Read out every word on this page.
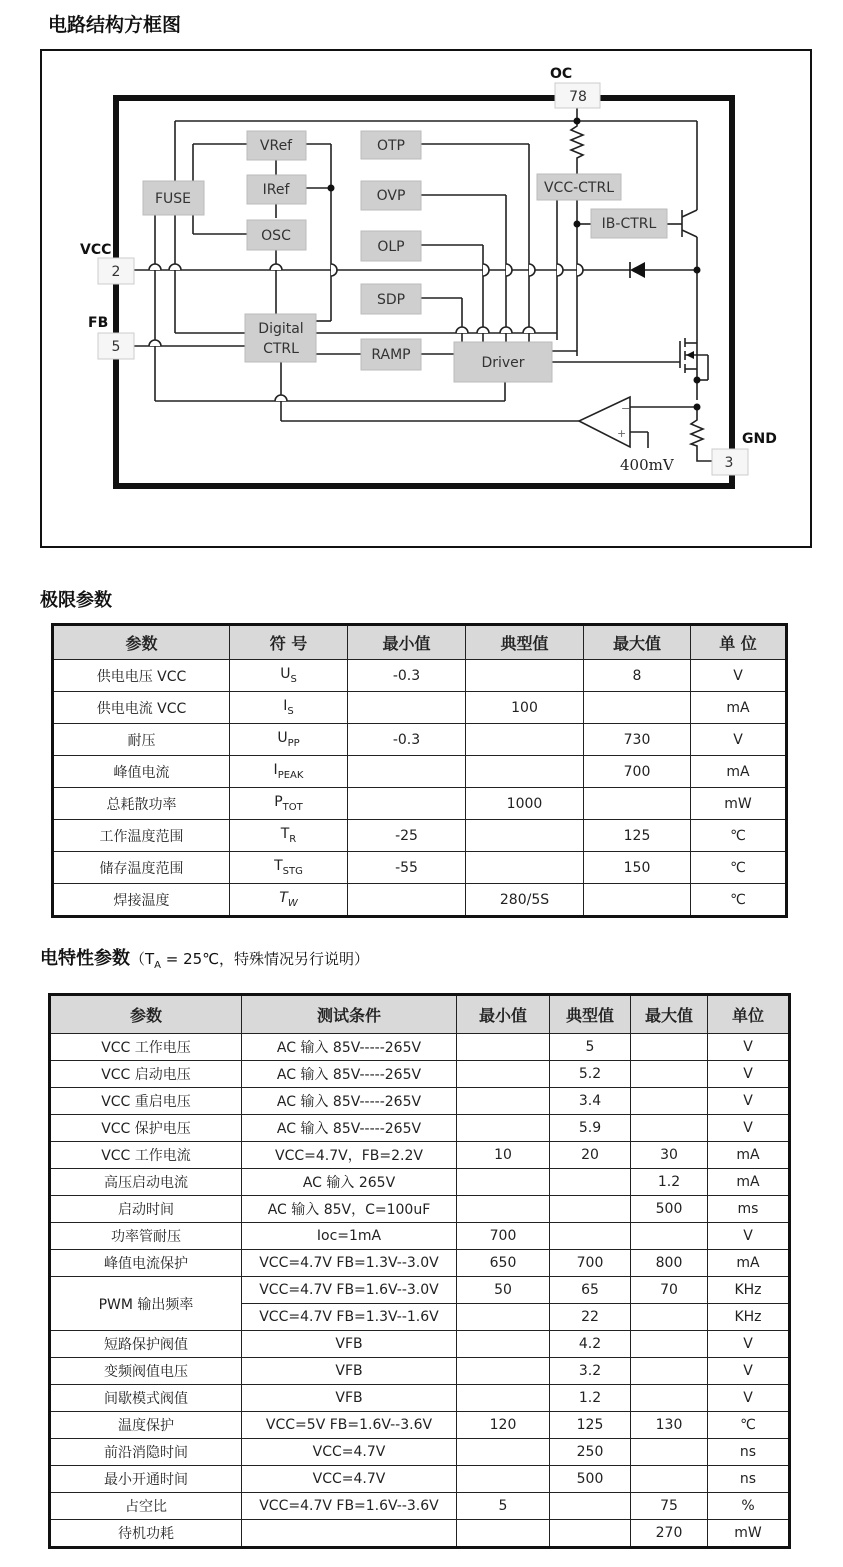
电路结构方框图
−
+
400mV
FUSE
VRef
IRef
OSC
OTP
OVP
OLP
SDP
Digital
CTRL	RAMP	Driver
VCC-CTRL
IB-CTRL
VCC
2
FB
5
OC
78
GND
3
极限参数
参数	符 号	最小值	典型值	最大值	单 位
供电电压 VCC	$U_S$	-0.3		8	V
供电电流 VCC	$I_S$		100		mA
耐压	$U_{PP}$	-0.3		730	V
峰值电流	$I_{PEAK}$			700	mA
总耗散功率	$P_{TOT}$		1000		mW
工作温度范围	$T_R$	-25		125	℃
储存温度范围	$T_{STG}$	-55		150	℃
焊接温度	$T_W$		280/5S		℃
电特性参数（$T_A$ = 25℃，特殊情况另行说明）
参数	测试条件	最小值	典型值	最大值	单位
VCC 工作电压	AC 输入 85V-----265V		5		V
VCC 启动电压	AC 输入 85V-----265V		5.2		V
VCC 重启电压	AC 输入 85V-----265V		3.4		V
VCC 保护电压	AC 输入 85V-----265V		5.9		V
VCC 工作电流	VCC=4.7V，FB=2.2V	10	20	30	mA
高压启动电流	AC 输入 265V			1.2	mA
启动时间	AC 输入 85V，C=100uF			500	ms
功率管耐压	Ioc=1mA	700			V
峰值电流保护	VCC=4.7V FB=1.3V--3.0V	650	700	800	mA
PWM 输出频率	VCC=4.7V FB=1.6V--3.0V	50	65	70	KHz
	VCC=4.7V FB=1.3V--1.6V		22		KHz
短路保护阀值	VFB		4.2		V
变频阀值电压	VFB		3.2		V
间歇模式阀值	VFB		1.2		V
温度保护	VCC=5V FB=1.6V--3.6V	120	125	130	℃
前沿消隐时间	VCC=4.7V		250		ns
最小开通时间	VCC=4.7V		500		ns
占空比	VCC=4.7V FB=1.6V--3.6V	5		75	%
待机功耗				270	mW
